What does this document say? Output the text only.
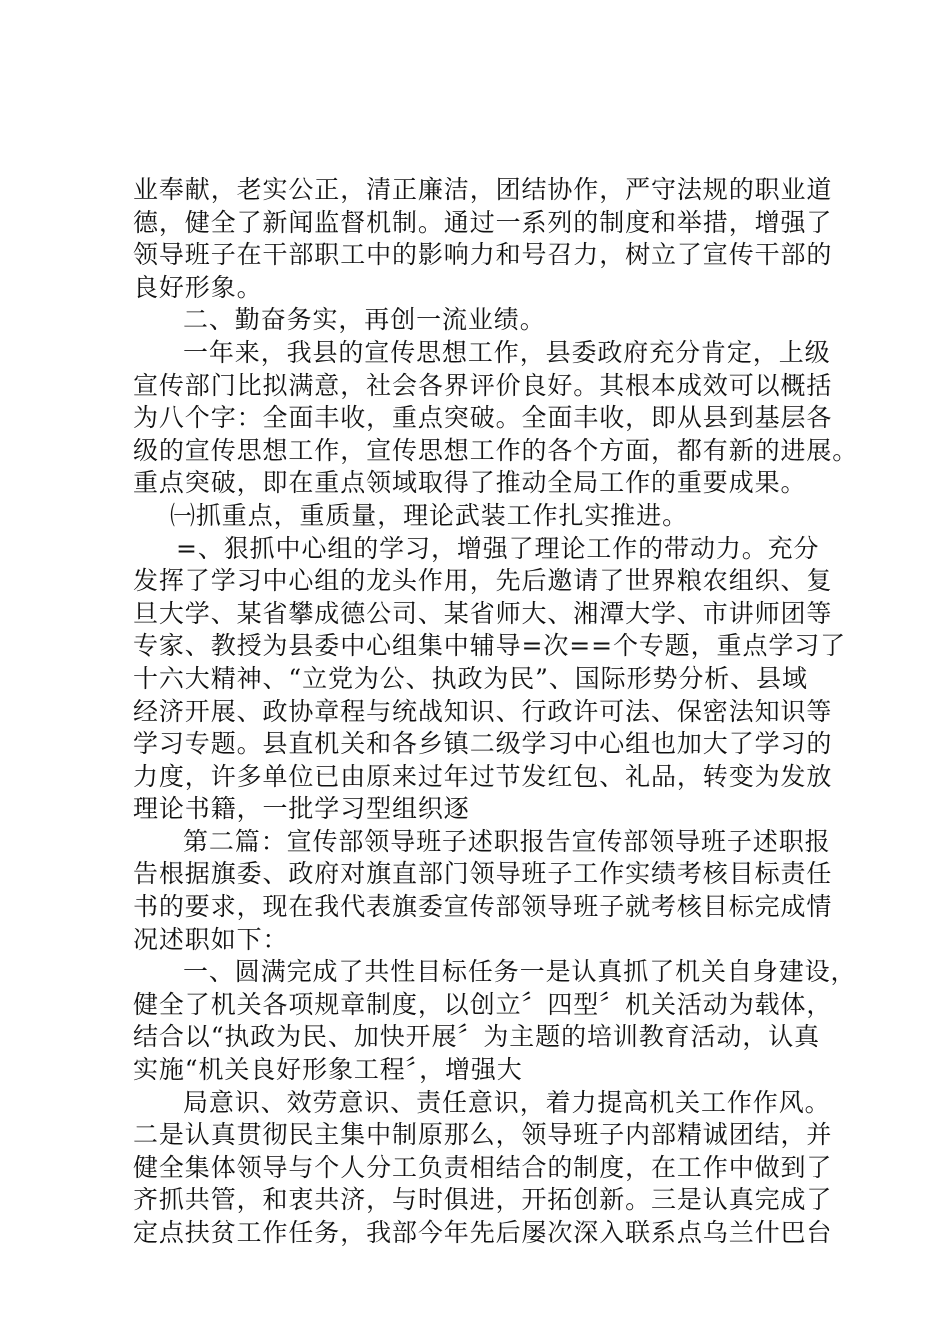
业奉献，老实公正，清正廉洁，团结协作，严守法规的职业道
德，健全了新闻监督机制。通过一系列的制度和举措，增强了
领导班子在干部职工中的影响力和号召力，树立了宣传干部的
良好形象。
二、勤奋务实，再创一流业绩。
一年来，我县的宣传思想工作，县委政府充分肯定，上级
宣传部门比拟满意，社会各界评价良好。其根本成效可以概括
为八个字：全面丰收，重点突破。全面丰收，即从县到基层各
级的宣传思想工作，宣传思想工作的各个方面，都有新的进展。
重点突破，即在重点领域取得了推动全局工作的重要成果。
㈠抓重点，重质量，理论武装工作扎实推进。
=、狠抓中心组的学习，增强了理论工作的带动力。充分
发挥了学习中心组的龙头作用，先后邀请了世界粮农组织、复
旦大学、某省攀成德公司、某省师大、湘潭大学、市讲师团等
专家、教授为县委中心组集中辅导=次==个专题，重点学习了
十六大精神、“立党为公、执政为民”、国际形势分析、县域
经济开展、政协章程与统战知识、行政许可法、保密法知识等
学习专题。县直机关和各乡镇二级学习中心组也加大了学习的
力度，许多单位已由原来过年过节发红包、礼品，转变为发放
理论书籍，一批学习型组织逐
第二篇：宣传部领导班子述职报告宣传部领导班子述职报
告根据旗委、政府对旗直部门领导班子工作实绩考核目标责任
书的要求，现在我代表旗委宣传部领导班子就考核目标完成情
况述职如下：
一、圆满完成了共性目标任务一是认真抓了机关自身建设，
健全了机关各项规章制度，以创立〞四型〞机关活动为载体，
结合以“执政为民、加快开展〞为主题的培训教育活动，认真
实施“机关良好形象工程〞，增强大
局意识、效劳意识、责任意识，着力提高机关工作作风。
二是认真贯彻民主集中制原那么，领导班子内部精诚团结，并
健全集体领导与个人分工负责相结合的制度，在工作中做到了
齐抓共管，和衷共济，与时俱进，开拓创新。三是认真完成了
定点扶贫工作任务，我部今年先后屡次深入联系点乌兰什巴台
